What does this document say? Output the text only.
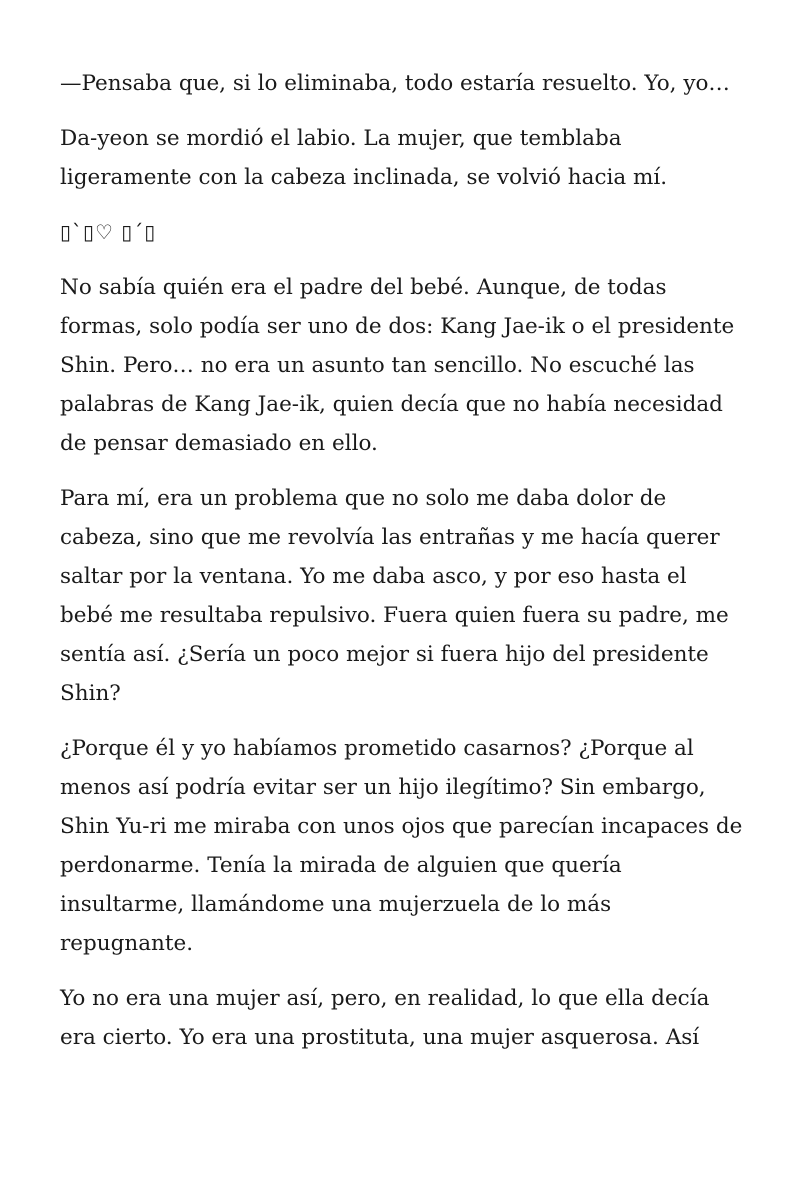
—Pensaba que, si lo eliminaba, todo estaría resuelto. Yo, yo…

Da-yeon se mordió el labio. La mujer, que temblaba ligeramente con la cabeza inclinada, se volvió hacia mí.

▯`▯♡ ▯´▯

No sabía quién era el padre del bebé. Aunque, de todas formas, solo podía ser uno de dos: Kang Jae-ik o el presidente Shin. Pero… no era un asunto tan sencillo. No escuché las palabras de Kang Jae-ik, quien decía que no había necesidad de pensar demasiado en ello.

Para mí, era un problema que no solo me daba dolor de cabeza, sino que me revolvía las entrañas y me hacía querer saltar por la ventana. Yo me daba asco, y por eso hasta el bebé me resultaba repulsivo. Fuera quien fuera su padre, me sentía así. ¿Sería un poco mejor si fuera hijo del presidente Shin?

¿Porque él y yo habíamos prometido casarnos? ¿Porque al menos así podría evitar ser un hijo ilegítimo? Sin embargo, Shin Yu-ri me miraba con unos ojos que parecían incapaces de perdonarme. Tenía la mirada de alguien que quería insultarme, llamándome una mujerzuela de lo más repugnante.

Yo no era una mujer así, pero, en realidad, lo que ella decía era cierto. Yo era una prostituta, una mujer asquerosa. Así
